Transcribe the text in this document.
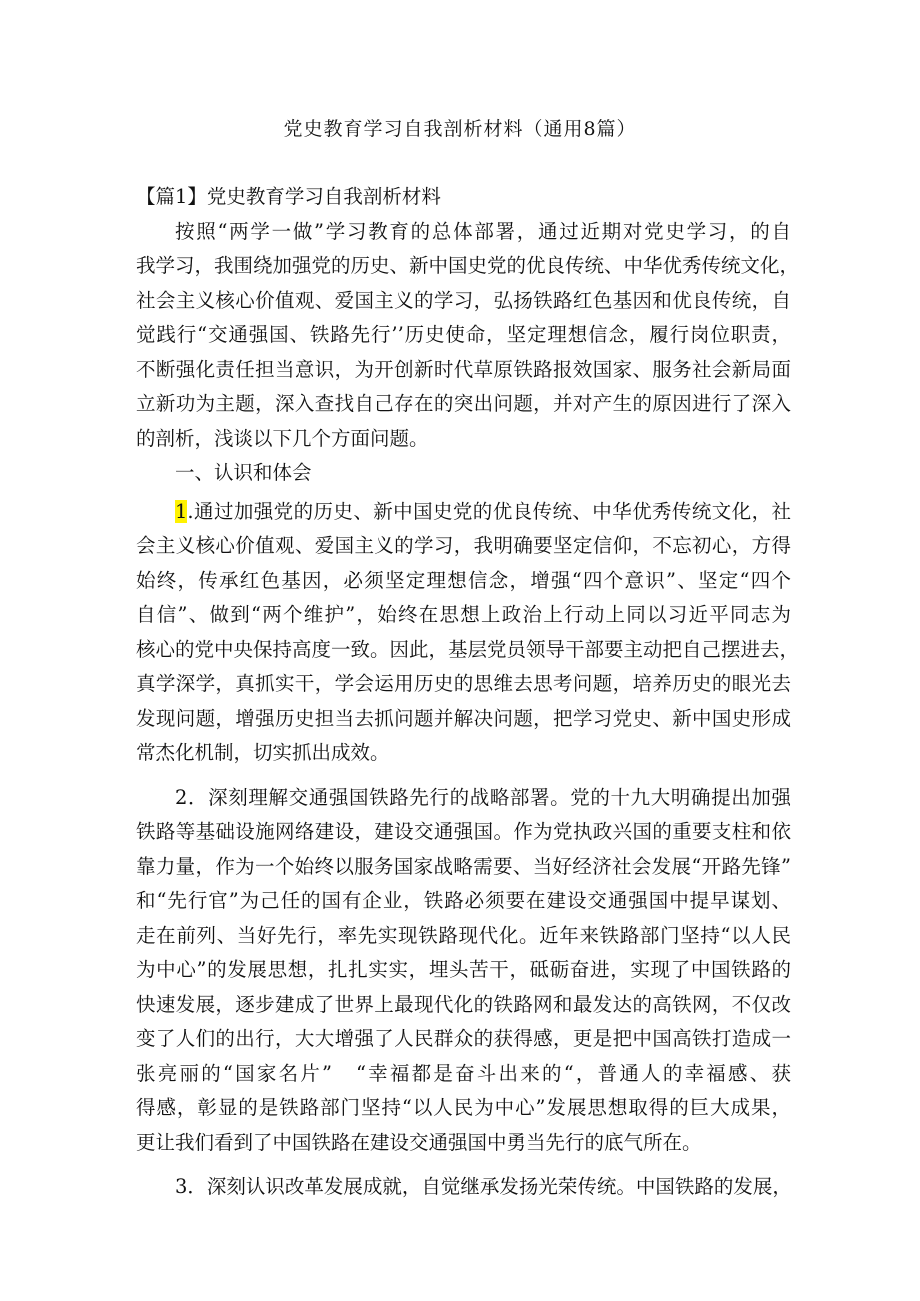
党史教育学习自我剖析材料（通用8篇）
【篇1】党史教育学习自我剖析材料
按照“两学一做”学习教育的总体部署，通过近期对党史学习，的自
我学习，我围绕加强党的历史、新中国史党的优良传统、中华优秀传统文化，
社会主义核心价值观、爱国主义的学习，弘扬铁路红色基因和优良传统，自
觉践行“交通强国、铁路先行’’历史使命，坚定理想信念，履行岗位职责，
不断强化责任担当意识，为开创新时代草原铁路报效国家、服务社会新局面
立新功为主题，深入查找自己存在的突出问题，并对产生的原因进行了深入
的剖析，浅谈以下几个方面问题。
一、认识和体会
1.通过加强党的历史、新中国史党的优良传统、中华优秀传统文化，社
会主义核心价值观、爱国主义的学习，我明确要坚定信仰，不忘初心，方得
始终，传承红色基因，必须坚定理想信念，增强“四个意识”、坚定“四个
自信”、做到“两个维护”，始终在思想上政治上行动上同以习近平同志为
核心的党中央保持高度一致。因此，基层党员领导干部要主动把自己摆进去，
真学深学，真抓实干，学会运用历史的思维去思考问题，培养历史的眼光去
发现问题，增强历史担当去抓问题并解决问题，把学习党史、新中国史形成
常杰化机制，切实抓出成效。
2．深刻理解交通强国铁路先行的战略部署。党的十九大明确提出加强
铁路等基础设施网络建设，建设交通强国。作为党执政兴国的重要支柱和依
靠力量，作为一个始终以服务国家战略需要、当好经济社会发展“开路先锋”
和“先行官”为己任的国有企业，铁路必须要在建设交通强国中提早谋划、
走在前列、当好先行，率先实现铁路现代化。近年来铁路部门坚持“以人民
为中心”的发展思想，扎扎实实，埋头苦干，砥砺奋进，实现了中国铁路的
快速发展，逐步建成了世界上最现代化的铁路网和最发达的高铁网，不仅改
变了人们的出行，大大增强了人民群众的获得感，更是把中国高铁打造成一
张亮丽的“国家名片”　“幸福都是奋斗出来的“，普通人的幸福感、获
得感，彰显的是铁路部门坚持“以人民为中心”发展思想取得的巨大成果，
更让我们看到了中国铁路在建设交通强国中勇当先行的底气所在。
3．深刻认识改革发展成就，自觉继承发扬光荣传统。中国铁路的发展，
